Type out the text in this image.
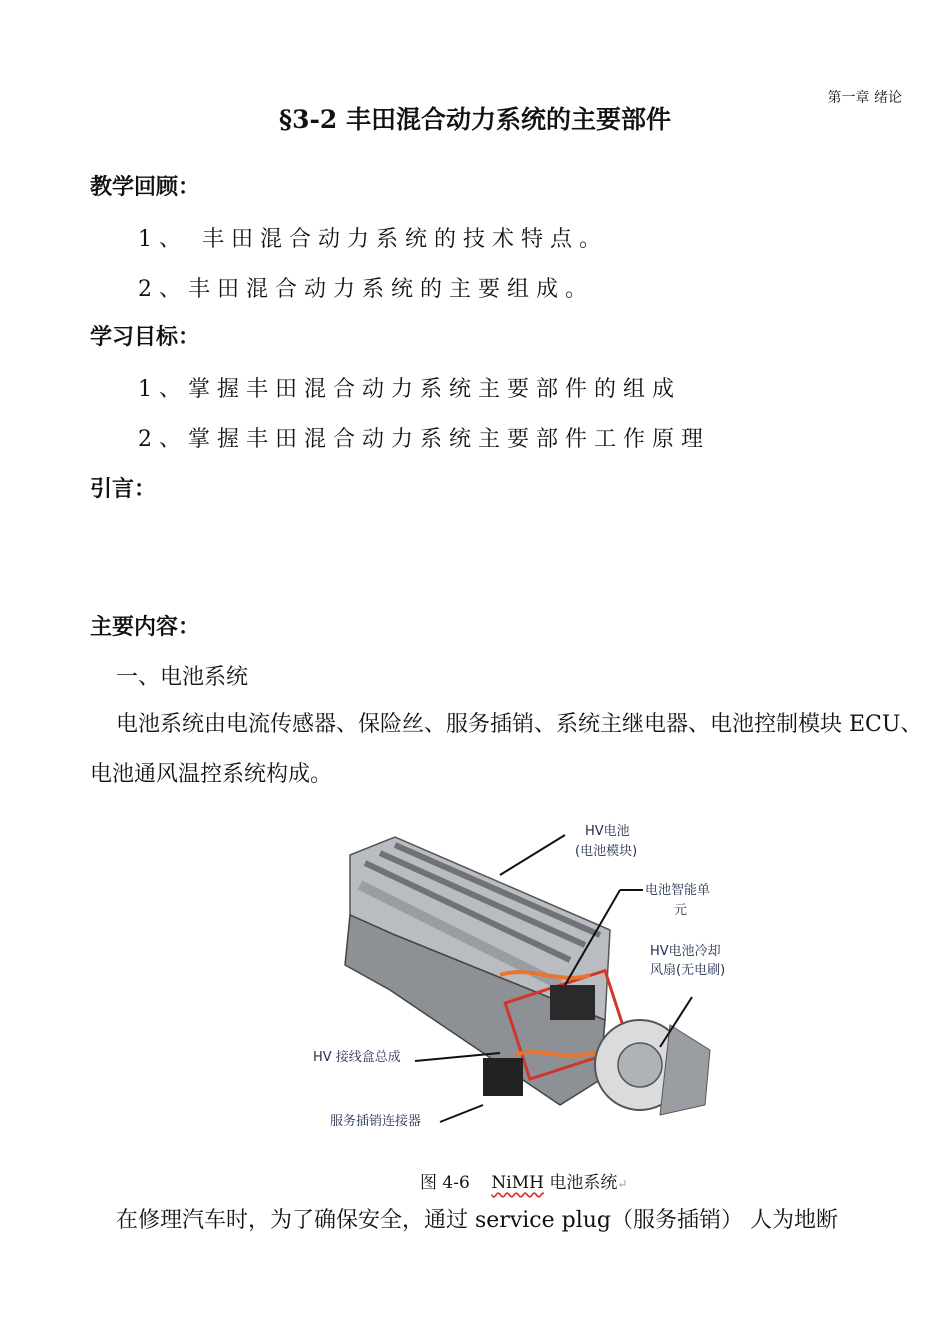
第一章 绪论
§3-2 丰田混合动力系统的主要部件
教学回顾：
1、 丰田混合动力系统的技术特点。
2、丰田混合动力系统的主要组成。
学习目标：
1、掌握丰田混合动力系统主要部件的组成
2、掌握丰田混合动力系统主要部件工作原理
引言：
主要内容：
一、电池系统
电池系统由电流传感器、保险丝、服务插销、系统主继电器、电池控制模块 ECU、电池通风温控系统构成。
HV电池
(电池模块)
电池智能单
元
HV电池冷却
风扇(无电刷)
HV 接线盒总成
服务插销连接器
图 4-6 NiMH 电池系统↵
在修理汽车时，为了确保安全，通过 service plug（服务插销） 人为地断
